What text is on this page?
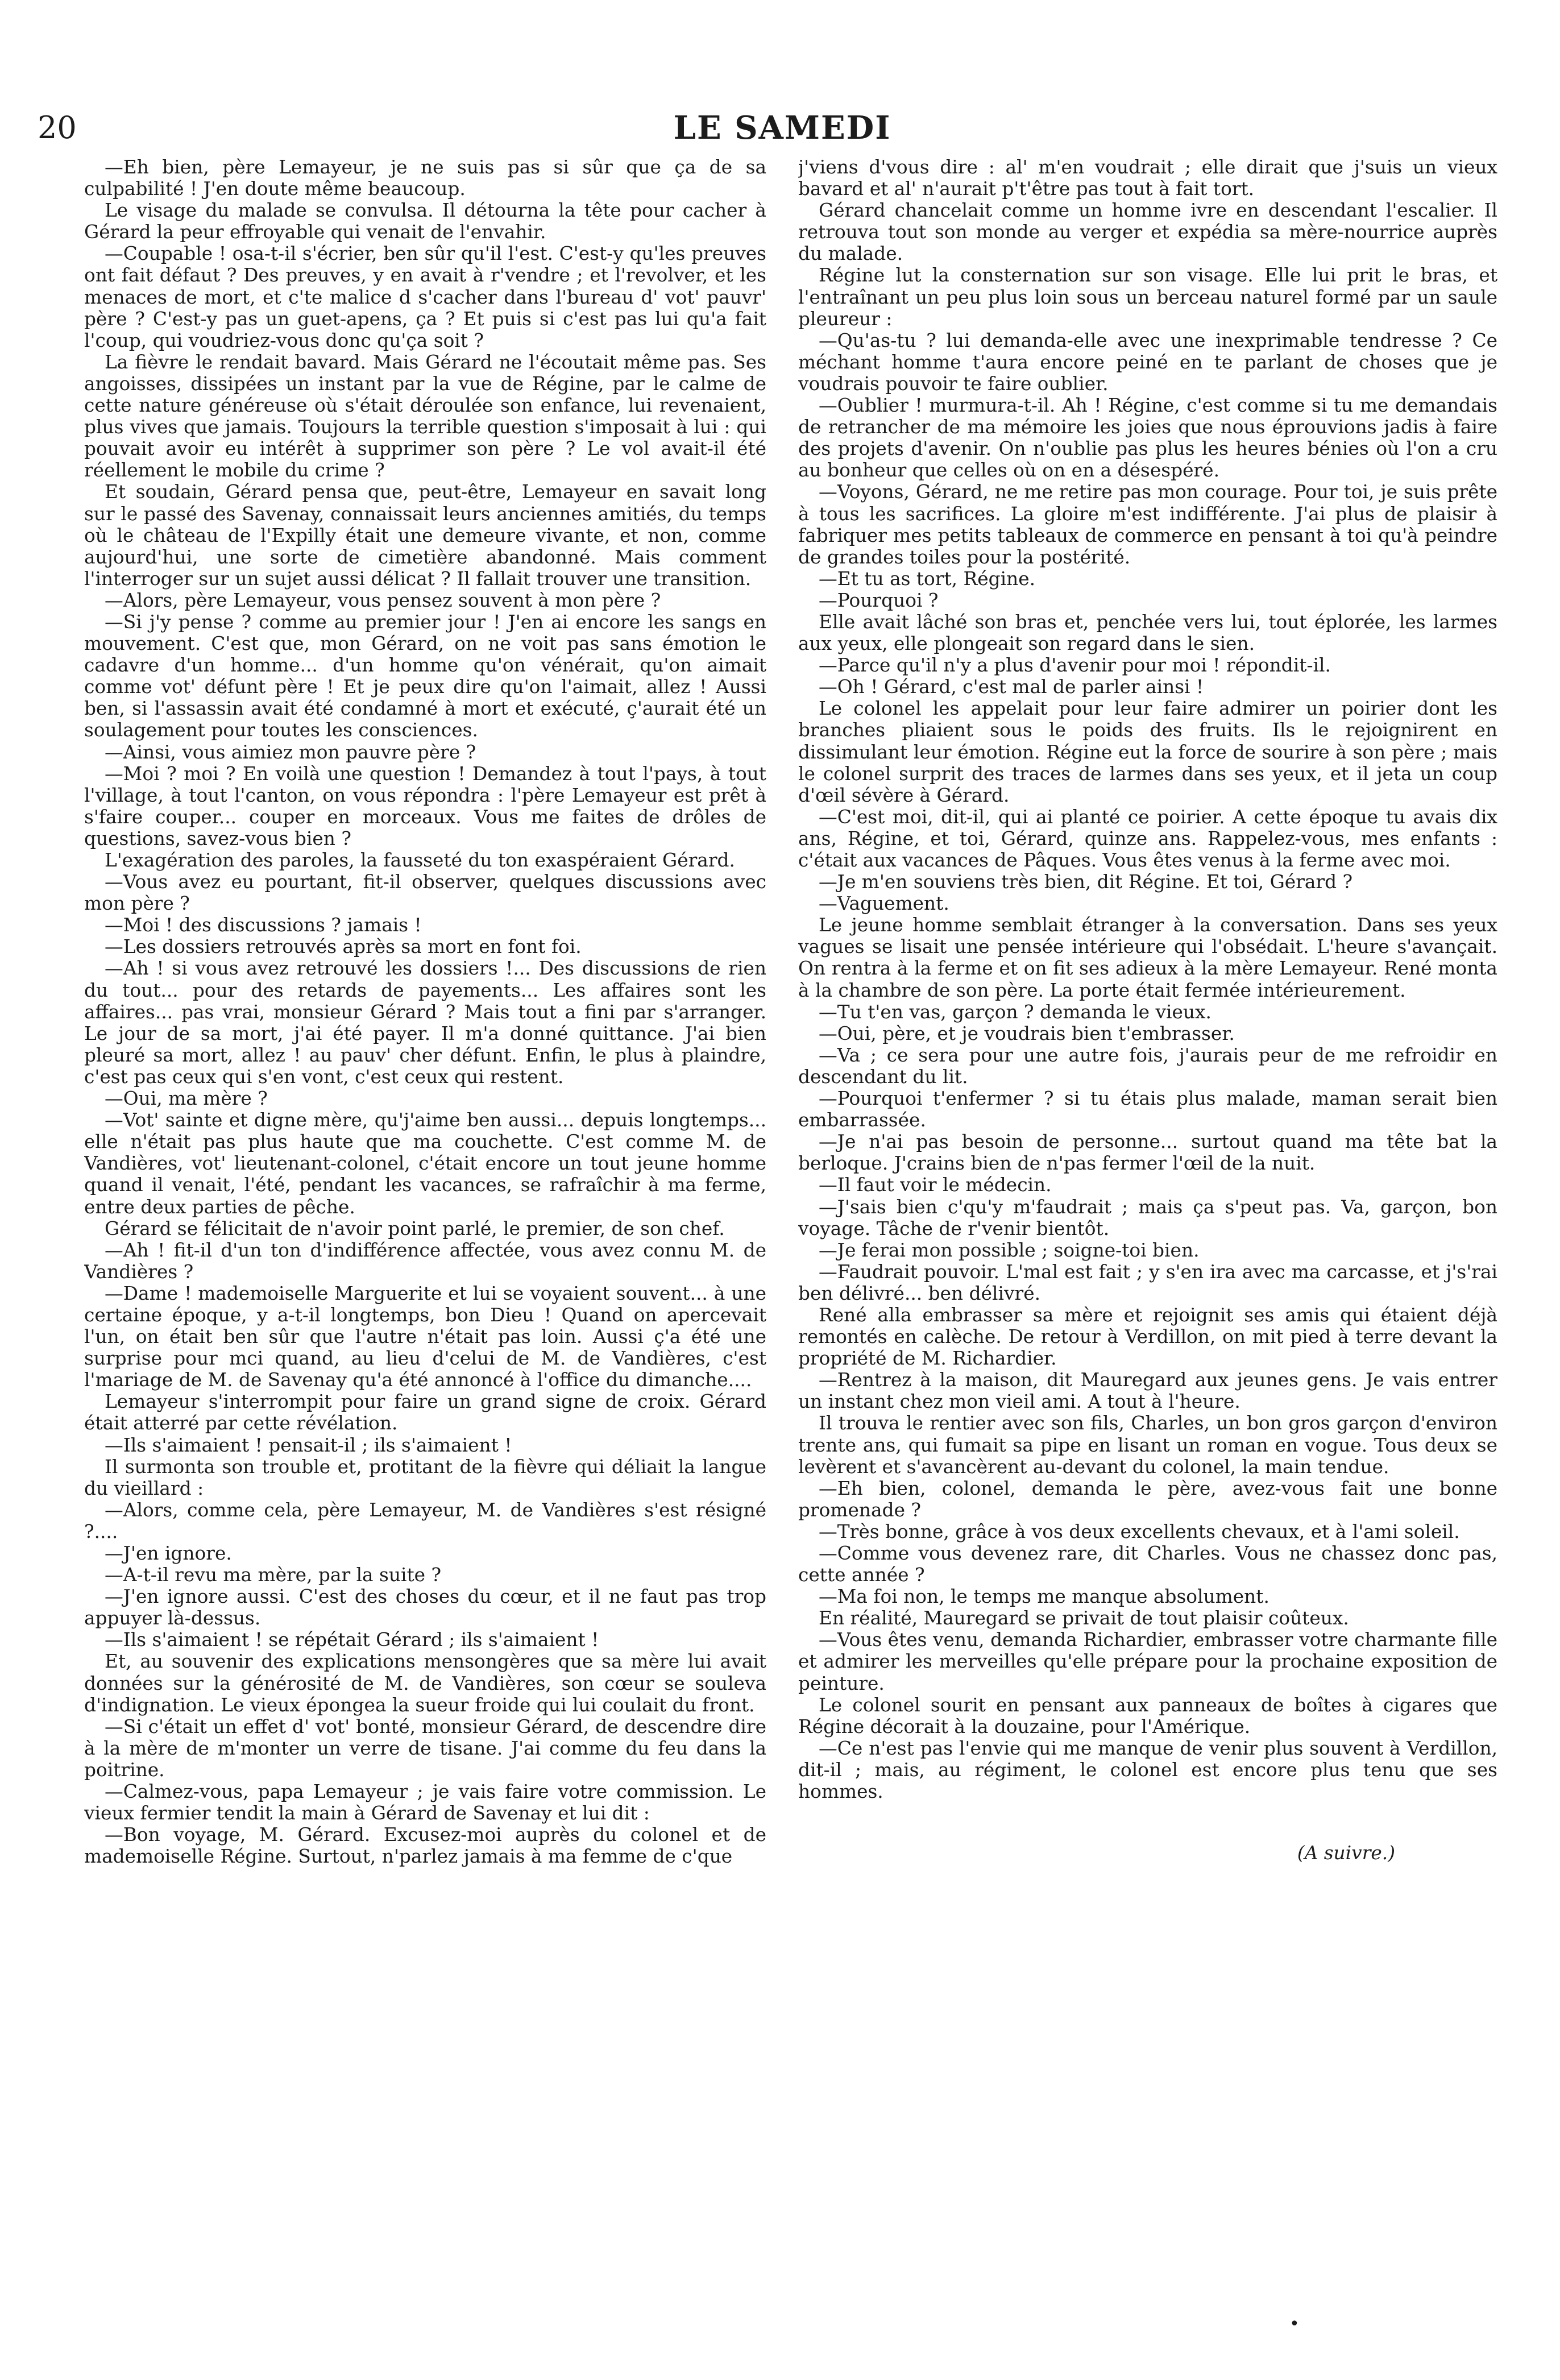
20	LE SAMEDI

—Eh bien, père Lemayeur, je ne suis pas si sûr que ça de sa culpabilité ! J'en doute même beaucoup.

Le visage du malade se convulsa. Il détourna la tête pour cacher à Gérard la peur effroyable qui venait de l'envahir.

—Coupable ! osa-t-il s'écrier, ben sûr qu'il l'est. C'est-y qu'les preuves ont fait défaut ? Des preuves, y en avait à r'vendre ; et l'revolver, et les menaces de mort, et c'te malice d s'cacher dans l'bureau d' vot' pauvr' père ? C'est-y pas un guet-apens, ça ? Et puis si c'est pas lui qu'a fait l'coup, qui voudriez-vous donc qu'ça soit ?

La fièvre le rendait bavard. Mais Gérard ne l'écoutait même pas. Ses angoisses, dissipées un instant par la vue de Régine, par le calme de cette nature généreuse où s'était déroulée son enfance, lui revenaient, plus vives que jamais. Toujours la terrible question s'imposait à lui : qui pouvait avoir eu intérêt à supprimer son père ? Le vol avait-il été réellement le mobile du crime ?

Et soudain, Gérard pensa que, peut-être, Lemayeur en savait long sur le passé des Savenay, connaissait leurs anciennes amitiés, du temps où le château de l'Expilly était une demeure vivante, et non, comme aujourd'hui, une sorte de cimetière abandonné. Mais comment l'interroger sur un sujet aussi délicat ? Il fallait trouver une transition.

—Alors, père Lemayeur, vous pensez souvent à mon père ?

—Si j'y pense ? comme au premier jour ! J'en ai encore les sangs en mouvement. C'est que, mon Gérard, on ne voit pas sans émotion le cadavre d'un homme... d'un homme qu'on vénérait, qu'on aimait comme vot' défunt père ! Et je peux dire qu'on l'aimait, allez ! Aussi ben, si l'assassin avait été condamné à mort et exécuté, ç'aurait été un soulagement pour toutes les consciences.

—Ainsi, vous aimiez mon pauvre père ?

—Moi ? moi ? En voilà une question ! Demandez à tout l'pays, à tout l'village, à tout l'canton, on vous répondra : l'père Lemayeur est prêt à s'faire couper... couper en morceaux. Vous me faites de drôles de questions, savez-vous bien ?

L'exagération des paroles, la fausseté du ton exaspéraient Gérard.

—Vous avez eu pourtant, fit-il observer, quelques discussions avec mon père ?

—Moi ! des discussions ? jamais !

—Les dossiers retrouvés après sa mort en font foi.

—Ah ! si vous avez retrouvé les dossiers !... Des discussions de rien du tout... pour des retards de payements... Les affaires sont les affaires... pas vrai, monsieur Gérard ? Mais tout a fini par s'arranger. Le jour de sa mort, j'ai été payer. Il m'a donné quittance. J'ai bien pleuré sa mort, allez ! au pauv' cher défunt. Enfin, le plus à plaindre, c'est pas ceux qui s'en vont, c'est ceux qui restent.

—Oui, ma mère ?

—Vot' sainte et digne mère, qu'j'aime ben aussi... depuis longtemps... elle n'était pas plus haute que ma couchette. C'est comme M. de Vandières, vot' lieutenant-colonel, c'était encore un tout jeune homme quand il venait, l'été, pendant les vacances, se rafraîchir à ma ferme, entre deux parties de pêche.

Gérard se félicitait de n'avoir point parlé, le premier, de son chef.

—Ah ! fit-il d'un ton d'indifférence affectée, vous avez connu M. de Vandières ?

—Dame ! mademoiselle Marguerite et lui se voyaient souvent... à une certaine époque, y a-t-il longtemps, bon Dieu ! Quand on apercevait l'un, on était ben sûr que l'autre n'était pas loin. Aussi ç'a été une surprise pour mci quand, au lieu d'celui de M. de Vandières, c'est l'mariage de M. de Savenay qu'a été annoncé à l'office du dimanche....

Lemayeur s'interrompit pour faire un grand signe de croix. Gérard était atterré par cette révélation.

—Ils s'aimaient ! pensait-il ; ils s'aimaient !

Il surmonta son trouble et, protitant de la fièvre qui déliait la langue du vieillard :

—Alors, comme cela, père Lemayeur, M. de Vandières s'est résigné ?....

—J'en ignore.

—A-t-il revu ma mère, par la suite ?

—J'en ignore aussi. C'est des choses du cœur, et il ne faut pas trop appuyer là-dessus.

—Ils s'aimaient ! se répétait Gérard ; ils s'aimaient !

Et, au souvenir des explications mensongères que sa mère lui avait données sur la générosité de M. de Vandières, son cœur se souleva d'indignation. Le vieux épongea la sueur froide qui lui coulait du front.

—Si c'était un effet d' vot' bonté, monsieur Gérard, de descendre dire à la mère de m'monter un verre de tisane. J'ai comme du feu dans la poitrine.

—Calmez-vous, papa Lemayeur ; je vais faire votre commission. Le vieux fermier tendit la main à Gérard de Savenay et lui dit :

—Bon voyage, M. Gérard. Excusez-moi auprès du colonel et de mademoiselle Régine. Surtout, n'parlez jamais à ma femme de c'que

j'viens d'vous dire : al' m'en voudrait ; elle dirait que j'suis un vieux bavard et al' n'aurait p't'être pas tout à fait tort.

Gérard chancelait comme un homme ivre en descendant l'escalier. Il retrouva tout son monde au verger et expédia sa mère-nourrice auprès du malade.

Régine lut la consternation sur son visage. Elle lui prit le bras, et l'entraînant un peu plus loin sous un berceau naturel formé par un saule pleureur :

—Qu'as-tu ? lui demanda-elle avec une inexprimable tendresse ? Ce méchant homme t'aura encore peiné en te parlant de choses que je voudrais pouvoir te faire oublier.

—Oublier ! murmura-t-il. Ah ! Régine, c'est comme si tu me demandais de retrancher de ma mémoire les joies que nous éprouvions jadis à faire des projets d'avenir. On n'oublie pas plus les heures bénies où l'on a cru au bonheur que celles où on en a désespéré.

—Voyons, Gérard, ne me retire pas mon courage. Pour toi, je suis prête à tous les sacrifices. La gloire m'est indifférente. J'ai plus de plaisir à fabriquer mes petits tableaux de commerce en pensant à toi qu'à peindre de grandes toiles pour la postérité.

—Et tu as tort, Régine.

—Pourquoi ?

Elle avait lâché son bras et, penchée vers lui, tout éplorée, les larmes aux yeux, elle plongeait son regard dans le sien.

—Parce qu'il n'y a plus d'avenir pour moi ! répondit-il.

—Oh ! Gérard, c'est mal de parler ainsi !

Le colonel les appelait pour leur faire admirer un poirier dont les branches pliaient sous le poids des fruits. Ils le rejoignirent en dissimulant leur émotion. Régine eut la force de sourire à son père ; mais le colonel surprit des traces de larmes dans ses yeux, et il jeta un coup d'œil sévère à Gérard.

—C'est moi, dit-il, qui ai planté ce poirier. A cette époque tu avais dix ans, Régine, et toi, Gérard, quinze ans. Rappelez-vous, mes enfants : c'était aux vacances de Pâques. Vous êtes venus à la ferme avec moi.

—Je m'en souviens très bien, dit Régine. Et toi, Gérard ?

—Vaguement.

Le jeune homme semblait étranger à la conversation. Dans ses yeux vagues se lisait une pensée intérieure qui l'obsédait. L'heure s'avançait. On rentra à la ferme et on fit ses adieux à la mère Lemayeur. René monta à la chambre de son père. La porte était fermée intérieurement.

—Tu t'en vas, garçon ? demanda le vieux.

—Oui, père, et je voudrais bien t'embrasser.

—Va ; ce sera pour une autre fois, j'aurais peur de me refroidir en descendant du lit.

—Pourquoi t'enfermer ? si tu étais plus malade, maman serait bien embarrassée.

—Je n'ai pas besoin de personne... surtout quand ma tête bat la berloque. J'crains bien de n'pas fermer l'œil de la nuit.

—Il faut voir le médecin.

—J'sais bien c'qu'y m'faudrait ; mais ça s'peut pas. Va, garçon, bon voyage. Tâche de r'venir bientôt.

—Je ferai mon possible ; soigne-toi bien.

—Faudrait pouvoir. L'mal est fait ; y s'en ira avec ma carcasse, et j's'rai ben délivré... ben délivré.

René alla embrasser sa mère et rejoignit ses amis qui étaient déjà remontés en calèche. De retour à Verdillon, on mit pied à terre devant la propriété de M. Richardier.

—Rentrez à la maison, dit Mauregard aux jeunes gens. Je vais entrer un instant chez mon vieil ami. A tout à l'heure.

Il trouva le rentier avec son fils, Charles, un bon gros garçon d'environ trente ans, qui fumait sa pipe en lisant un roman en vogue. Tous deux se levèrent et s'avancèrent au-devant du colonel, la main tendue.

—Eh bien, colonel, demanda le père, avez-vous fait une bonne promenade ?

—Très bonne, grâce à vos deux excellents chevaux, et à l'ami soleil.

—Comme vous devenez rare, dit Charles. Vous ne chassez donc pas, cette année ?

—Ma foi non, le temps me manque absolument.

En réalité, Mauregard se privait de tout plaisir coûteux.

—Vous êtes venu, demanda Richardier, embrasser votre charmante fille et admirer les merveilles qu'elle prépare pour la prochaine exposition de peinture.

Le colonel sourit en pensant aux panneaux de boîtes à cigares que Régine décorait à la douzaine, pour l'Amérique.

—Ce n'est pas l'envie qui me manque de venir plus souvent à Verdillon, dit-il ; mais, au régiment, le colonel est encore plus tenu que ses hommes.

(A suivre.)

•
